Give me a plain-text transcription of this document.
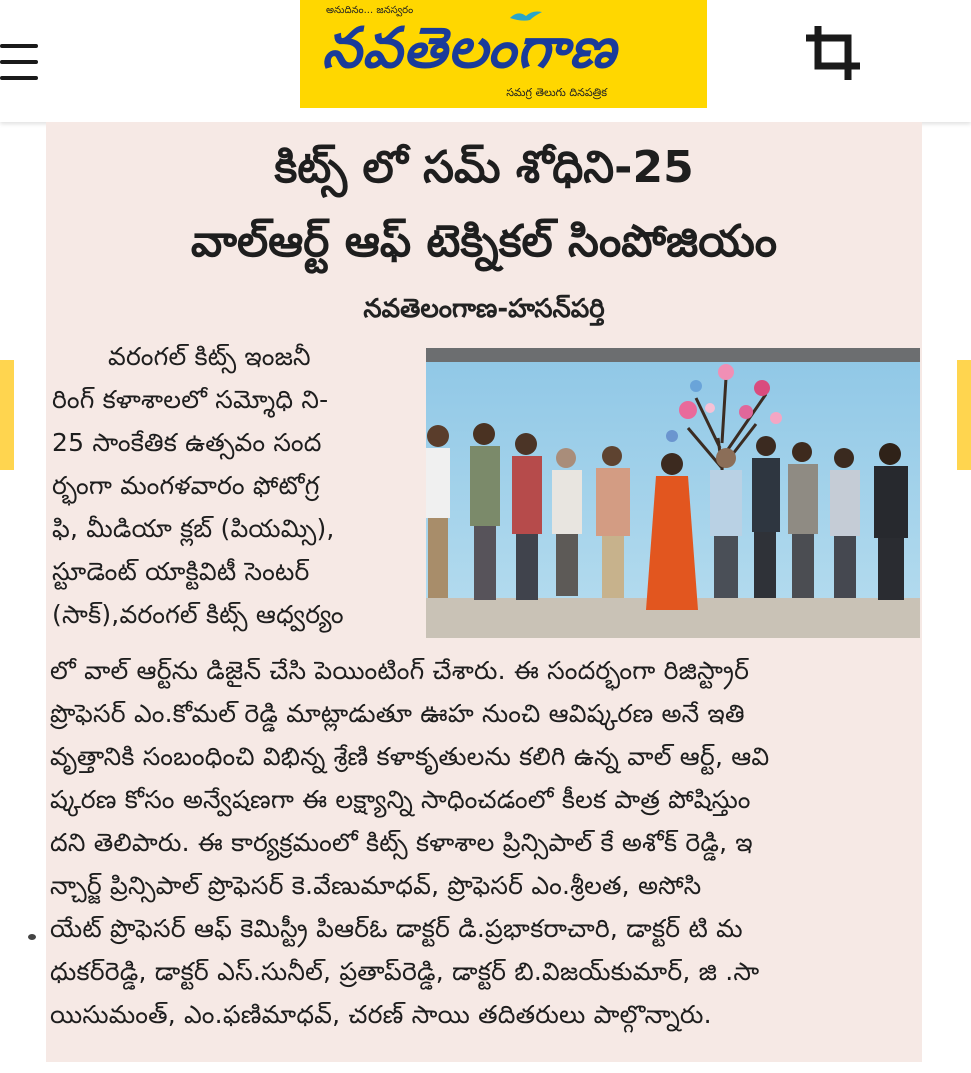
అనుదినం... జనస్వరం
నవతెలంగాణ
సమగ్ర తెలుగు దినపత్రిక
కిట్స్ లో సమ్ శోధిని-25
వాల్‌ఆర్ట్ ఆఫ్ టెక్నికల్ సింపోజియం
నవతెలంగాణ-హసన్‌పర్తి
వరంగల్ కిట్స్ ఇంజనీ
రింగ్ కళాశాలలో సమ్శోధి ని-
25 సాంకేతిక ఉత్సవం సంద
ర్భంగా మంగళవారం ఫోటోగ్ర
ఫి, మీడియా క్లబ్ (పియమ్సి),
స్టూడెంట్ యాక్టివిటీ సెంటర్
(సాక్),వరంగల్ కిట్స్ ఆధ్వర్యం
లో వాల్ ఆర్ట్‌ను డిజైన్ చేసి పెయింటింగ్ చేశారు. ఈ సందర్భంగా రిజిస్ట్రార్
ప్రొఫెసర్ ఎం.కోమల్ రెడ్డి మాట్లాడుతూ ఊహ నుంచి ఆవిష్కరణ అనే ఇతి
వృత్తానికి సంబంధించి విభిన్న శ్రేణి కళాకృతులను కలిగి ఉన్న వాల్ ఆర్ట్, ఆవి
ష్కరణ కోసం అన్వేషణగా ఈ లక్ష్యాన్ని సాధించడంలో కీలక పాత్ర పోషిస్తుం
దని తెలిపారు. ఈ కార్యక్రమంలో కిట్స్ కళాశాల ప్రిన్సిపాల్ కే అశోక్ రెడ్డి, ఇ
న్చార్జ్ ప్రిన్సిపాల్ ప్రొఫెసర్ కె.వేణుమాధవ్, ప్రొఫెసర్ ఎం.శ్రీలత, అసోసి
యేట్ ప్రొఫెసర్ ఆఫ్ కెమిస్ట్రీ పిఆర్ఓ డాక్టర్ డి.ప్రభాకరాచారి, డాక్టర్ టి మ
ధుకర్‌రెడ్డి, డాక్టర్ ఎస్.సునీల్, ప్రతాప్‌రెడ్డి, డాక్టర్ బి.విజయ్‌కుమార్, జి .సా
యిసుమంత్, ఎం.ఫణిమాధవ్, చరణ్ సాయి తదితరులు పాల్గొన్నారు.
